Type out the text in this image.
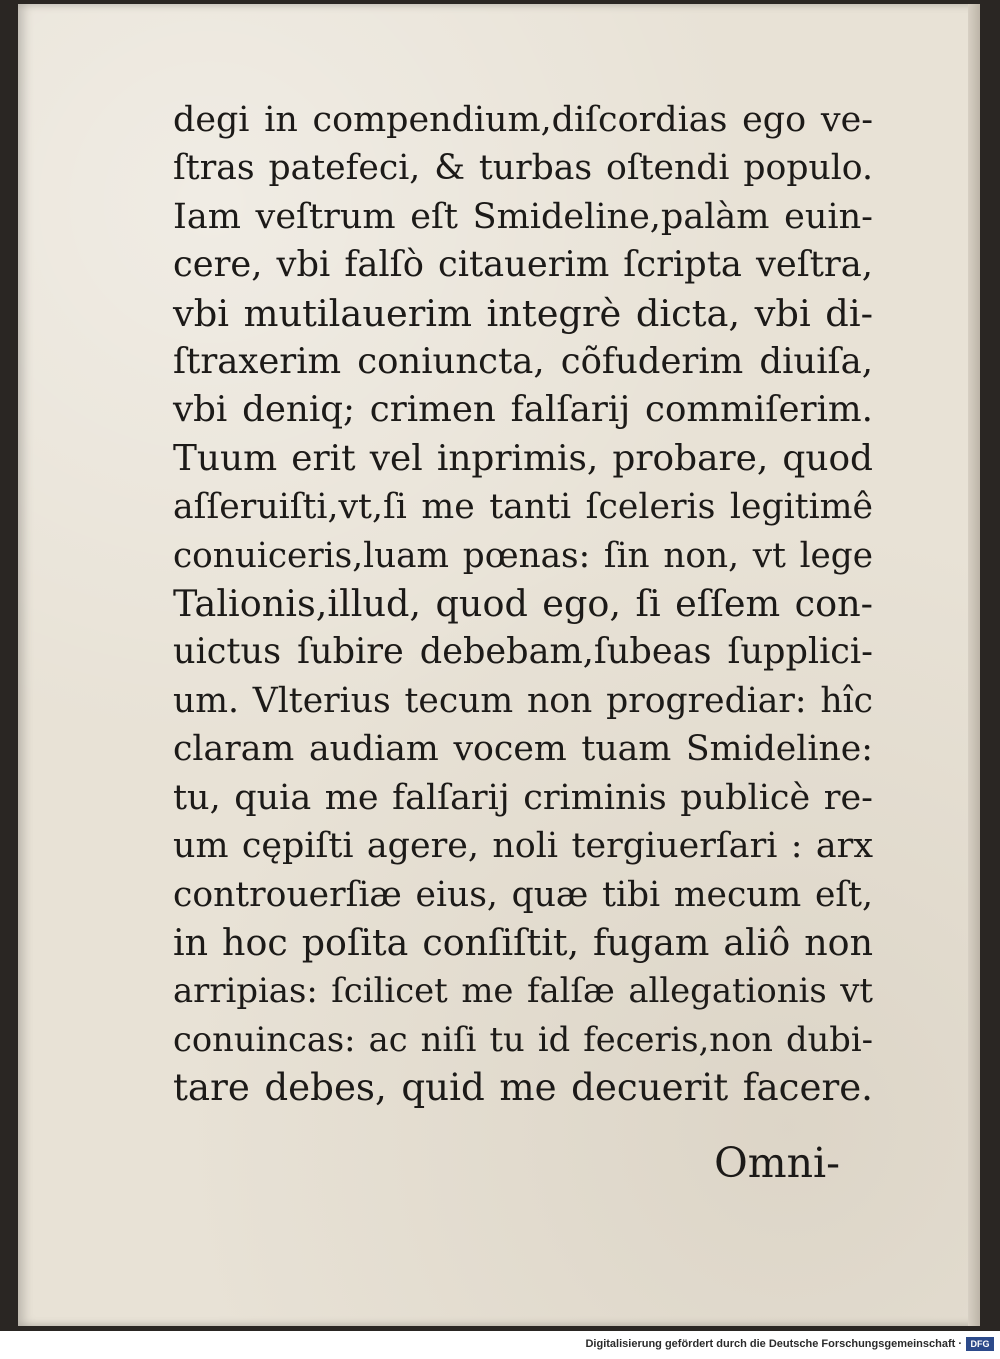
degi in compendium,diſcordias ego ve-
ſtras patefeci, & turbas oſtendi populo.
Iam veſtrum eſt Smideline,palàm euin-
cere, vbi falſò citauerim ſcripta veſtra,
vbi mutilauerim integrè dicta, vbi di-
ſtraxerim coniuncta, cõfuderim diuiſa,
vbi deniq; crimen falſarij commiſerim.
Tuum erit vel inprimis, probare, quod
aſſeruiſti,vt,ſi me tanti ſceleris legitimê
conuiceris,luam pœnas: ſin non, vt lege
Talionis,illud, quod ego, ſi eſſem con-
uictus ſubire debebam,ſubeas ſupplici-
um. Vlterius tecum non progrediar: hîc
claram audiam vocem tuam Smideline:
tu, quia me falſarij criminis publicè re-
um cępiſti agere, noli tergiuerſari : arx
controuerſiæ eius, quæ tibi mecum eſt,
in hoc poſita conſiſtit, fugam aliô non
arripias: ſcilicet me falſæ allegationis vt
conuincas: ac niſi tu id feceris,non dubi-
tare debes, quid me decuerit facere.
Omni-
Digitalisierung gefördert durch die Deutsche Forschungsgemeinschaft · DFG
